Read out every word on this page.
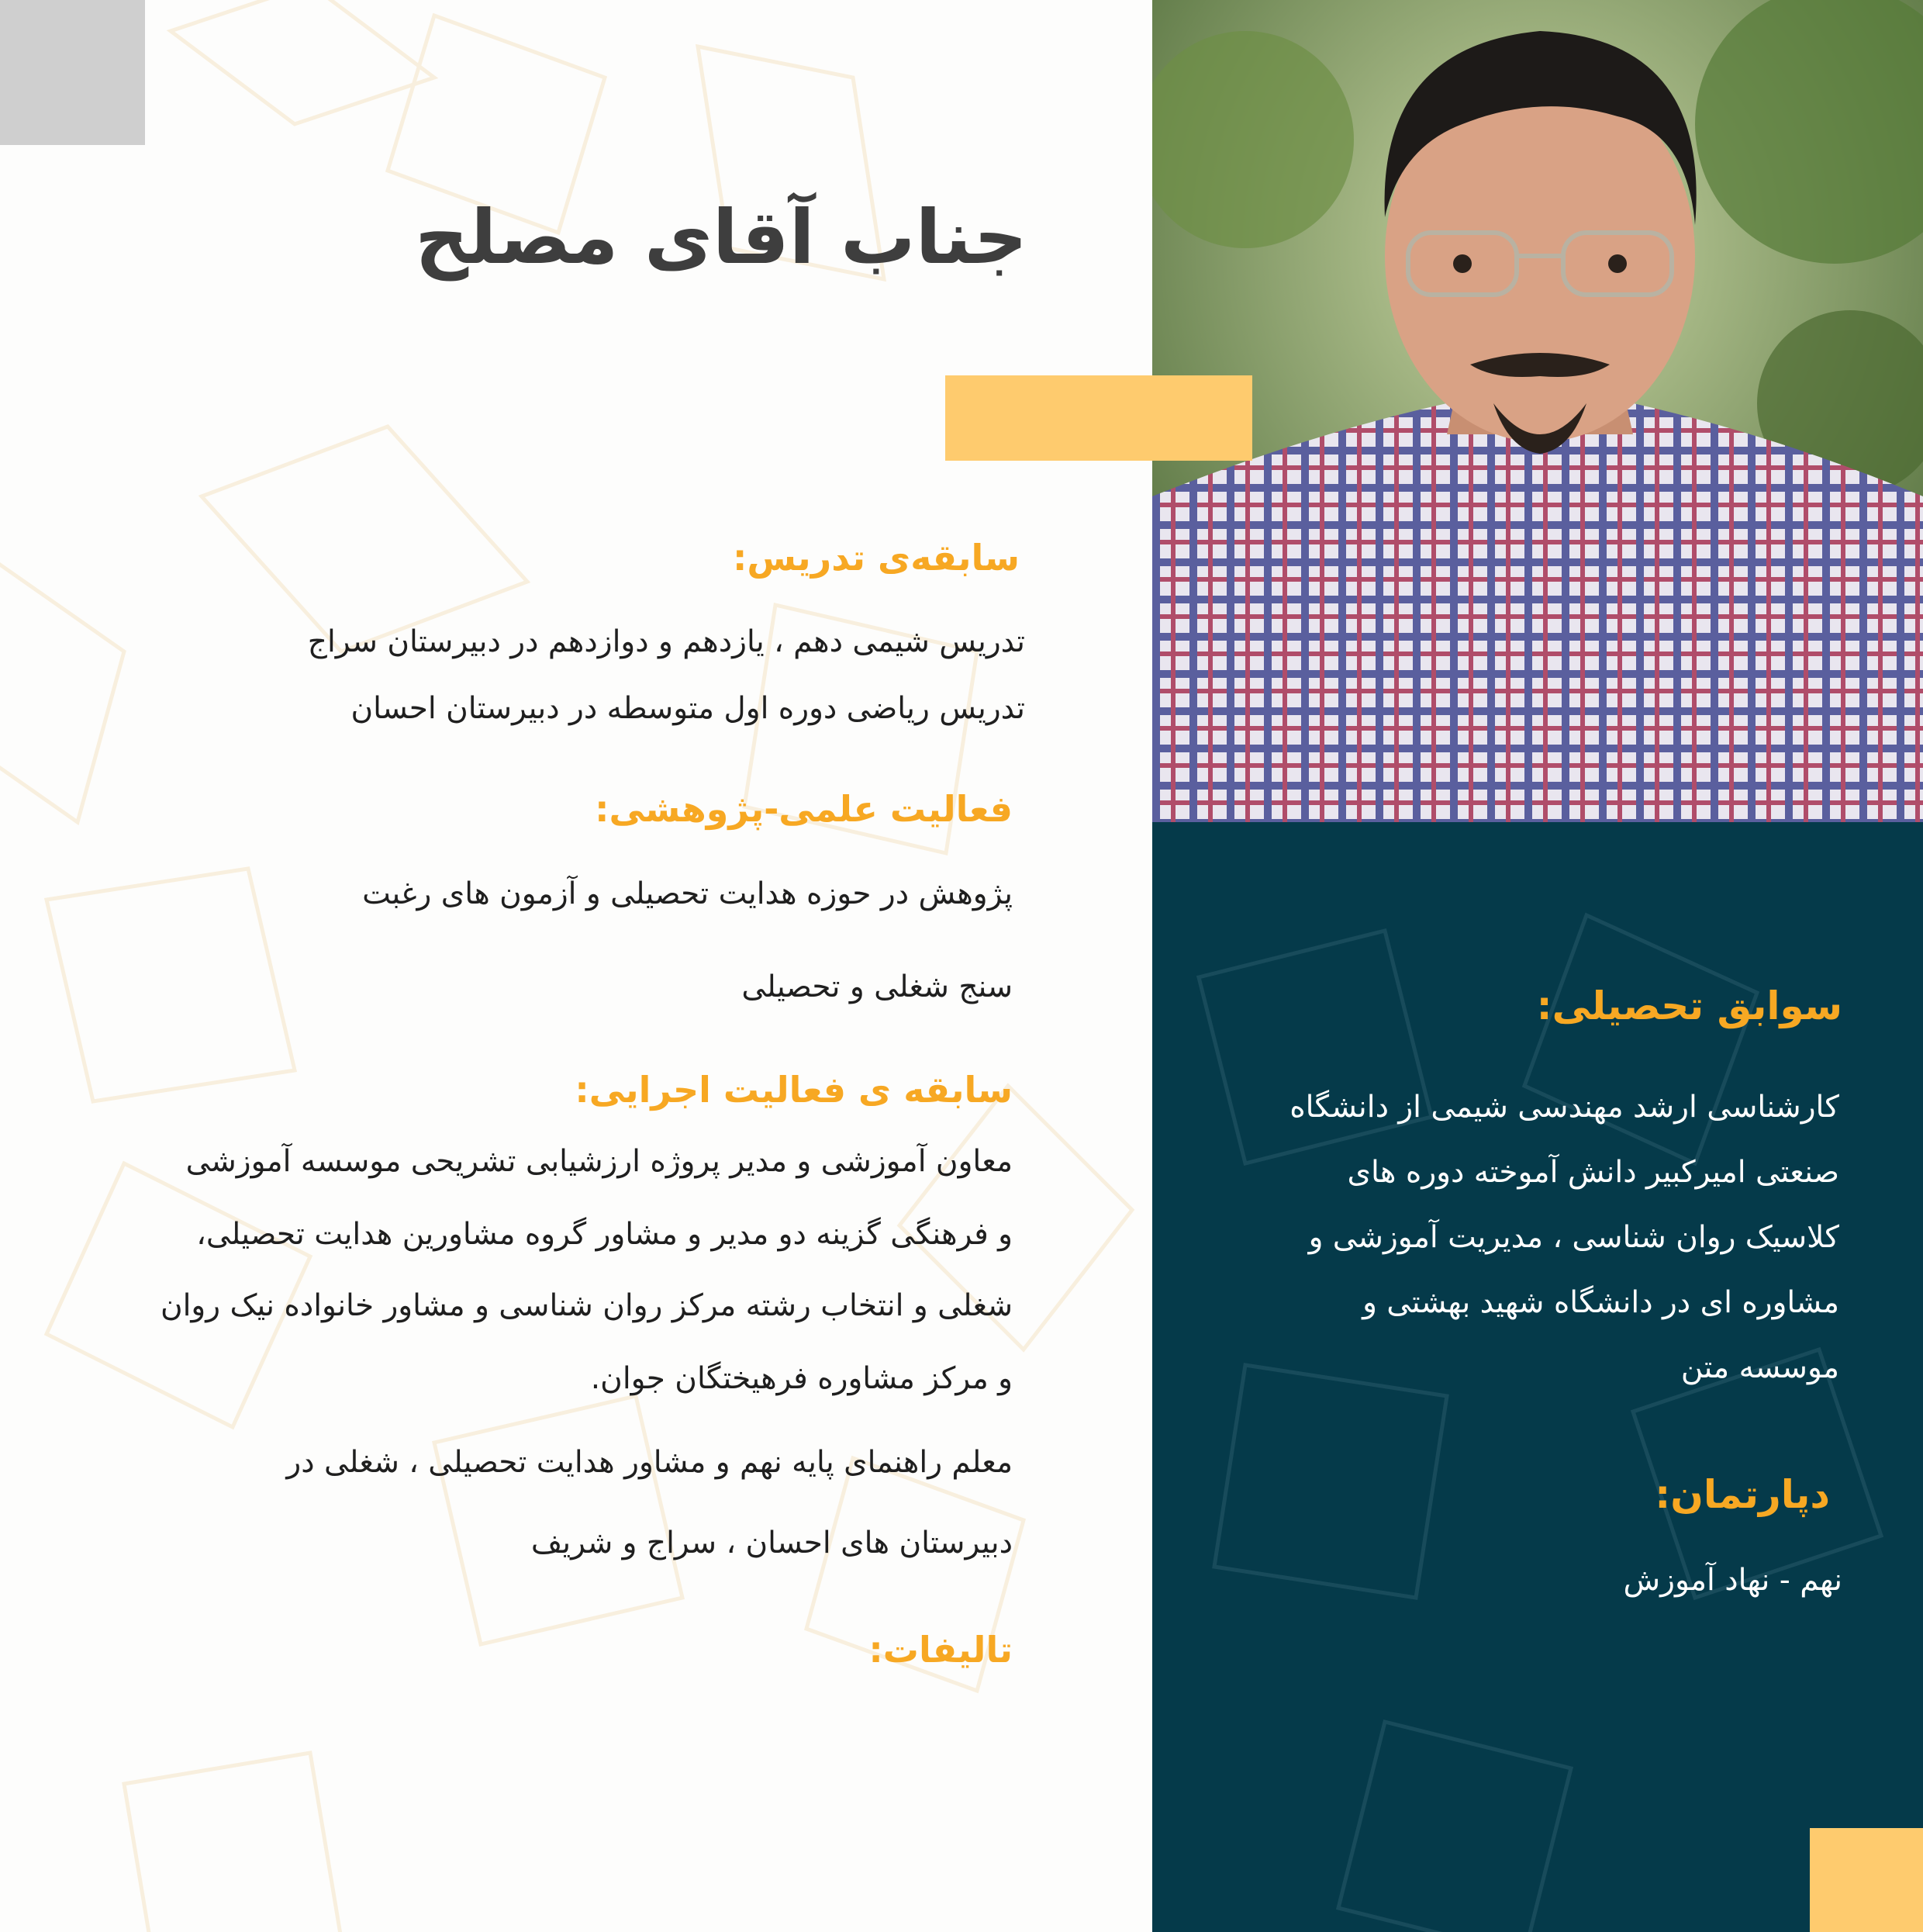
جناب آقای مصلح
سابقه‌ی تدریس:
تدریس شیمی دهم ، یازدهم و دوازدهم در دبیرستان سراج
تدریس ریاضی دوره اول متوسطه در دبیرستان احسان
فعالیت علمی-پژوهشی:
پژوهش در حوزه هدایت تحصیلی و آزمون های رغبت
سنج شغلی و تحصیلی
سابقه ی فعالیت اجرایی:
معاون آموزشی و مدیر پروژه ارزشیابی تشریحی موسسه آموزشی
و فرهنگی گزینه دو مدیر و مشاور گروه مشاورین هدایت تحصیلی،
شغلی و انتخاب رشته مرکز روان شناسی و مشاور خانواده نیک روان
و مرکز مشاوره فرهیختگان جوان.
معلم راهنمای پایه نهم و مشاور هدایت تحصیلی ، شغلی در
دبیرستان های احسان ، سراج و شریف
تالیفات:
سوابق تحصیلی:
کارشناسی ارشد مهندسی شیمی از دانشگاه
صنعتی امیرکبیر دانش آموخته دوره های
کلاسیک روان شناسی ، مدیریت آموزشی و
مشاوره ای در دانشگاه شهید بهشتی و
موسسه متن
دپارتمان:
نهم - نهاد آموزش
